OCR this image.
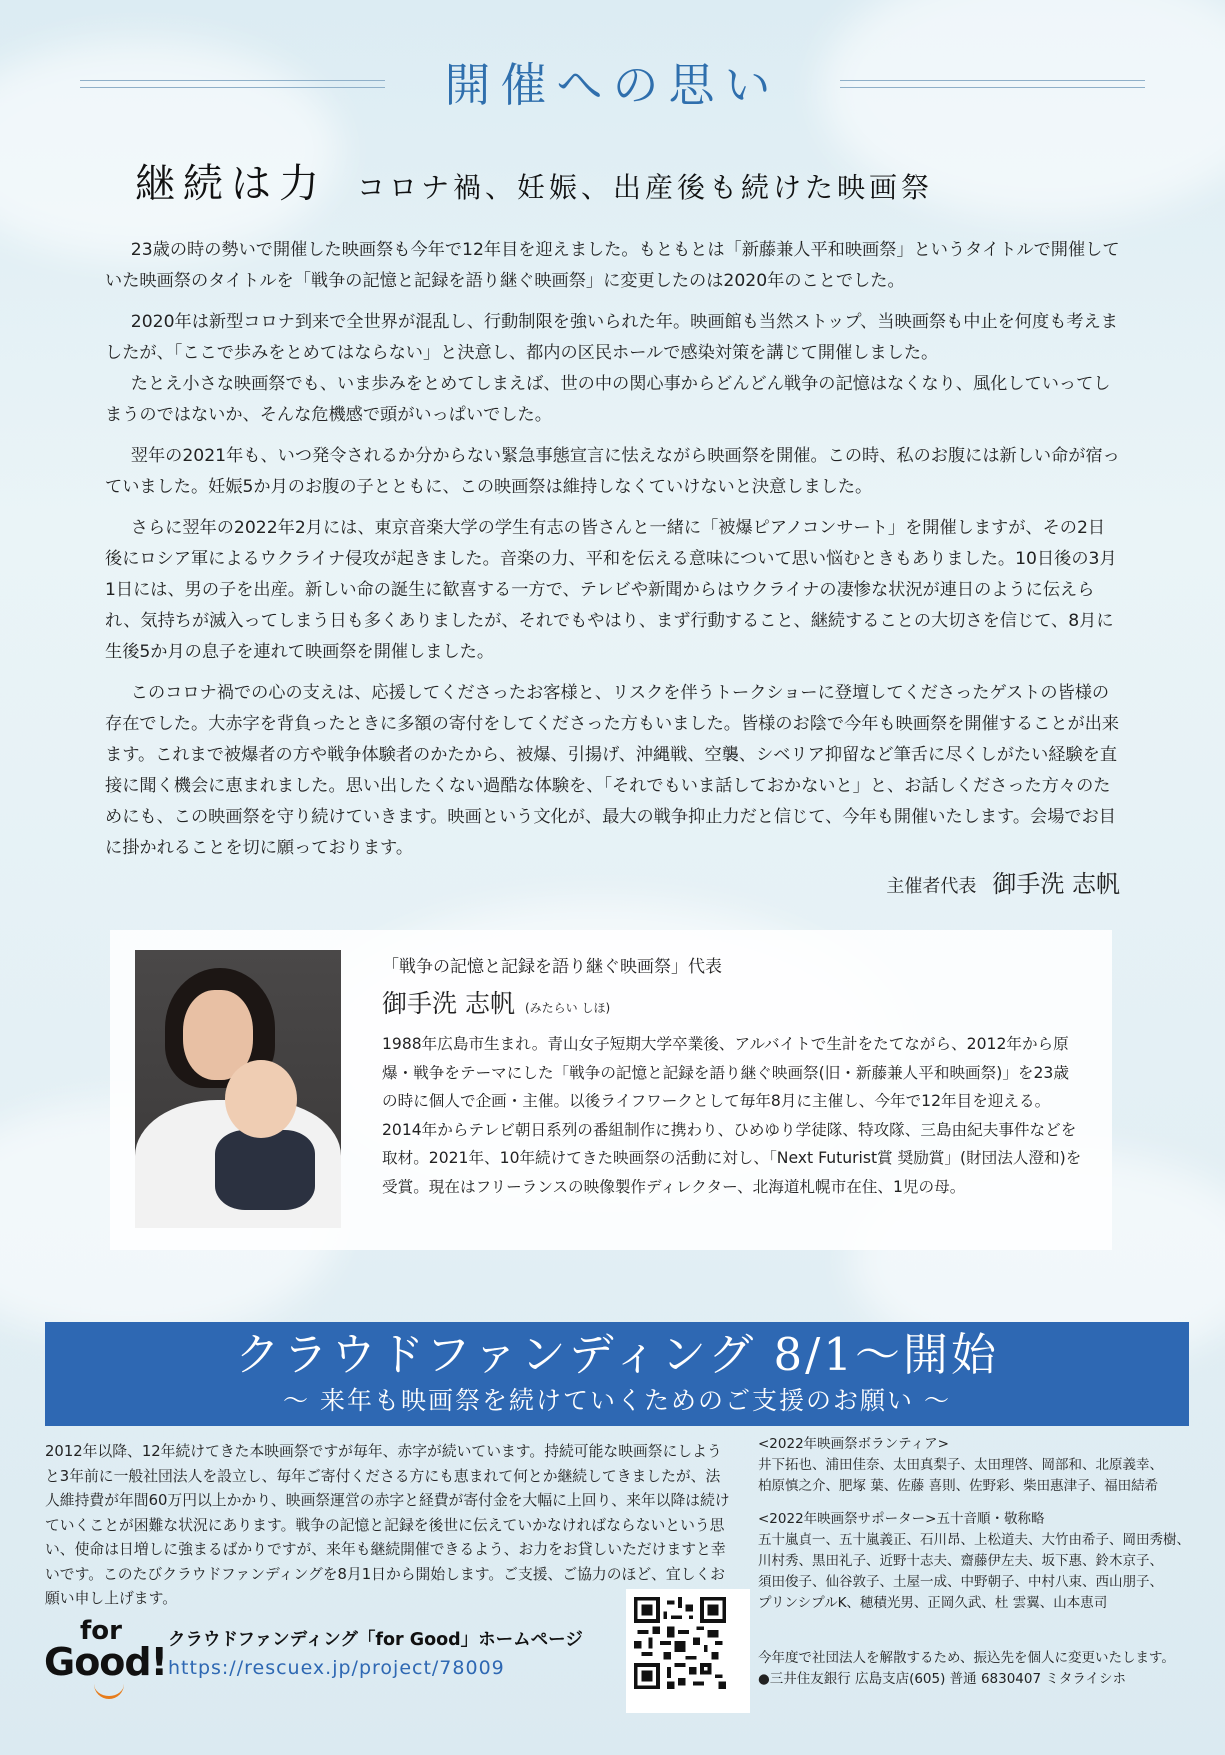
開催への思い
継続は力 コロナ禍、妊娠、出産後も続けた映画祭

23歳の時の勢いで開催した映画祭も今年で12年目を迎えました。もともとは「新藤兼人平和映画祭」というタイトルで開催していた映画祭のタイトルを「戦争の記憶と記録を語り継ぐ映画祭」に変更したのは2020年のことでした。

2020年は新型コロナ到来で全世界が混乱し、行動制限を強いられた年。映画館も当然ストップ、当映画祭も中止を何度も考えましたが、「ここで歩みをとめてはならない」と決意し、都内の区民ホールで感染対策を講じて開催しました。

たとえ小さな映画祭でも、いま歩みをとめてしまえば、世の中の関心事からどんどん戦争の記憶はなくなり、風化していってしまうのではないか、そんな危機感で頭がいっぱいでした。

翌年の2021年も、いつ発令されるか分からない緊急事態宣言に怯えながら映画祭を開催。この時、私のお腹には新しい命が宿っていました。妊娠5か月のお腹の子とともに、この映画祭は維持しなくていけないと決意しました。

さらに翌年の2022年2月には、東京音楽大学の学生有志の皆さんと一緒に「被爆ピアノコンサート」を開催しますが、その2日後にロシア軍によるウクライナ侵攻が起きました。音楽の力、平和を伝える意味について思い悩むときもありました。10日後の3月1日には、男の子を出産。新しい命の誕生に歓喜する一方で、テレビや新聞からはウクライナの凄惨な状況が連日のように伝えられ、気持ちが滅入ってしまう日も多くありましたが、それでもやはり、まず行動すること、継続することの大切さを信じて、8月に生後5か月の息子を連れて映画祭を開催しました。

このコロナ禍での心の支えは、応援してくださったお客様と、リスクを伴うトークショーに登壇してくださったゲストの皆様の存在でした。大赤字を背負ったときに多額の寄付をしてくださった方もいました。皆様のお陰で今年も映画祭を開催することが出来ます。これまで被爆者の方や戦争体験者のかたから、被爆、引揚げ、沖縄戦、空襲、シベリア抑留など筆舌に尽くしがたい経験を直接に聞く機会に恵まれました。思い出したくない過酷な体験を、「それでもいま話しておかないと」と、お話しくださった方々のためにも、この映画祭を守り続けていきます。映画という文化が、最大の戦争抑止力だと信じて、今年も開催いたします。会場でお目に掛かれることを切に願っております。

主催者代表 御手洗 志帆
「戦争の記憶と記録を語り継ぐ映画祭」代表
御手洗 志帆 (みたらい しほ)

1988年広島市生まれ。青山女子短期大学卒業後、アルバイトで生計をたてながら、2012年から原爆・戦争をテーマにした「戦争の記憶と記録を語り継ぐ映画祭(旧・新藤兼人平和映画祭)」を23歳の時に個人で企画・主催。以後ライフワークとして毎年8月に主催し、今年で12年目を迎える。2014年からテレビ朝日系列の番組制作に携わり、ひめゆり学徒隊、特攻隊、三島由紀夫事件などを取材。2021年、10年続けてきた映画祭の活動に対し、「Next Futurist賞 奨励賞」(財団法人澄和)を受賞。現在はフリーランスの映像製作ディレクター、北海道札幌市在住、1児の母。

クラウドファンディング 8/1〜開始
〜 来年も映画祭を続けていくためのご支援のお願い 〜

2012年以降、12年続けてきた本映画祭ですが毎年、赤字が続いています。持続可能な映画祭にしようと3年前に一般社団法人を設立し、毎年ご寄付くださる方にも恵まれて何とか継続してきましたが、法人維持費が年間60万円以上かかり、映画祭運営の赤字と経費が寄付金を大幅に上回り、来年以降は続けていくことが困難な状況にあります。戦争の記憶と記録を後世に伝えていかなければならないという思い、使命は日増しに強まるばかりですが、来年も継続開催できるよう、お力をお貸しいただけますと幸いです。このたびクラウドファンディングを8月1日から開始します。ご支援、ご協力のほど、宜しくお願い申し上げます。

<2022年映画祭ボランティア>
井下拓也、浦田佳奈、太田真梨子、太田理啓、岡部和、北原義幸、
柏原慎之介、肥塚 葉、佐藤 喜則、佐野彩、柴田惠津子、福田結希
<2022年映画祭サポーター>五十音順・敬称略
五十嵐貞一、五十嵐義正、石川昂、上松道夫、大竹由希子、岡田秀樹、
川村秀、黒田礼子、近野十志夫、齋藤伊左夫、坂下惠、鈴木京子、
須田俊子、仙谷敦子、土屋一成、中野朝子、中村八束、西山朋子、
プリンシプルK、穂積光男、正岡久武、杜 雲翼、山本恵司
今年度で社団法人を解散するため、振込先を個人に変更いたします。
●三井住友銀行 広島支店(605) 普通 6830407 ミタライシホ
for
Good! クラウドファンディング「for Good」ホームページ
https://rescuex.jp/project/78009
